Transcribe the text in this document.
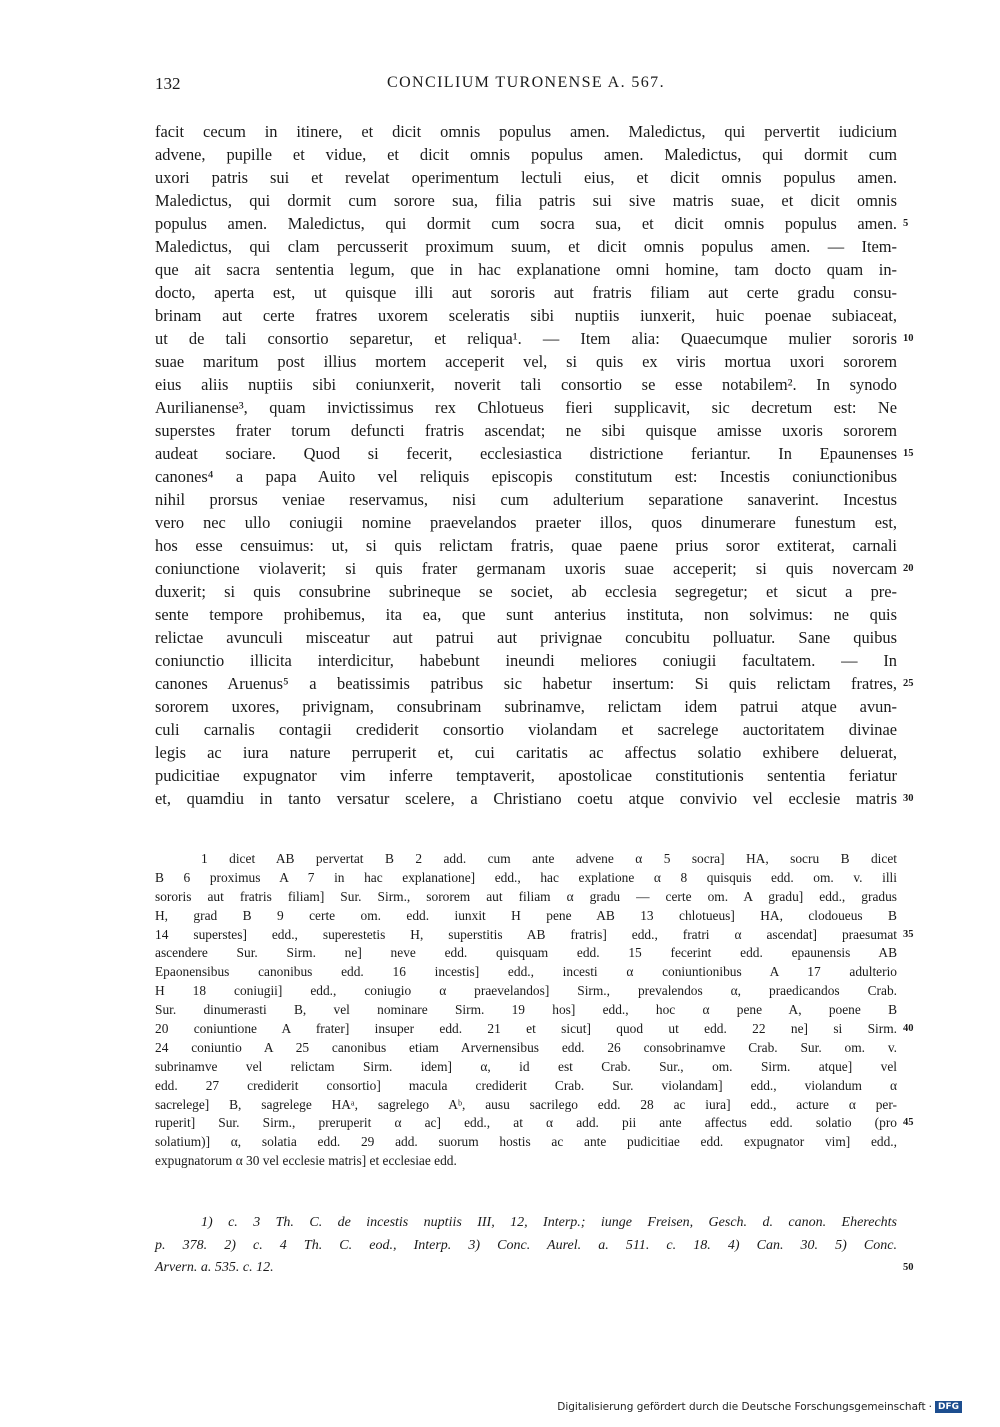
132	CONCILIUM TURONENSE A. 567.
facit cecum in itinere, et dicit omnis populus amen. Maledictus, qui pervertit iudicium
advene, pupille et vidue, et dicit omnis populus amen. Maledictus, qui dormit cum
uxori patris sui et revelat operimentum lectuli eius, et dicit omnis populus amen.
Maledictus, qui dormit cum sorore sua, filia patris sui sive matris suae, et dicit omnis
populus amen. Maledictus, qui dormit cum socra sua, et dicit omnis populus amen. 5
Maledictus, qui clam percusserit proximum suum, et dicit omnis populus amen. — Item-
que ait sacra sententia legum, que in hac explanatione omni homine, tam docto quam in-
docto, aperta est, ut quisque illi aut sororis aut fratris filiam aut certe gradu consu-
brinam aut certe fratres uxorem sceleratis sibi nuptiis iunxerit, huic poenae subiaceat,
ut de tali consortio separetur, et reliqua¹. — Item alia: Quaecumque mulier sororis 10
suae maritum post illius mortem acceperit vel, si quis ex viris mortua uxori sororem
eius aliis nuptiis sibi coniunxerit, noverit tali consortio se esse notabilem². In synodo
Aurilianense³, quam invictissimus rex Chlotueus fieri supplicavit, sic decretum est: Ne
superstes frater torum defuncti fratris ascendat; ne sibi quisque amisse uxoris sororem
audeat sociare. Quod si fecerit, ecclesiastica districtione feriantur. In Epaunenses 15
canones⁴ a papa Auito vel reliquis episcopis constitutum est: Incestis coniunctionibus
nihil prorsus veniae reservamus, nisi cum adulterium separatione sanaverint. Incestus
vero nec ullo coniugii nomine praevelandos praeter illos, quos dinumerare funestum est,
hos esse censuimus: ut, si quis relictam fratris, quae paene prius soror extiterat, carnali
coniunctione violaverit; si quis frater germanam uxoris suae acceperit; si quis novercam 20
duxerit; si quis consubrine subrineque se societ, ab ecclesia segregetur; et sicut a pre-
sente tempore prohibemus, ita ea, que sunt anterius instituta, non solvimus: ne quis
relictae avunculi misceatur aut patrui aut privignae concubitu polluatur. Sane quibus
coniunctio illicita interdicitur, habebunt ineundi meliores coniugii facultatem. — In
canones Aruenus⁵ a beatissimis patribus sic habetur insertum: Si quis relictam fratres, 25
sororem uxores, privignam, consubrinam subrinamve, relictam idem patrui atque avun-
culi carnalis contagii crediderit consortio violandam et sacrelege auctoritatem divinae
legis ac iura nature perruperit et, cui caritatis ac affectus solatio exhibere deluerat,
pudicitiae expugnator vim inferre temptaverit, apostolicae constitutionis sententia feriatur
et, quamdiu in tanto versatur scelere, a Christiano coetu atque convivio vel ecclesie matris 30
1 dicet AB pervertat B 2 add. cum ante advene α 5 socra] HA, socru B dicet
B 6 proximus A 7 in hac explanatione] edd., hac explatione α 8 quisquis edd. om. v. illi
sororis aut fratris filiam] Sur. Sirm., sororem aut filiam α gradu — certe om. A gradu] edd., gradus
H, grad B 9 certe om. edd. iunxit H pene AB 13 chlotueus] HA, clodoueus B
14 superstes] edd., superestetis H, superstitis AB fratris] edd., fratri α ascendat] praesumat 35
ascendere Sur. Sirm. ne] neve edd. quisquam edd. 15 fecerint edd. epaunensis AB
Epaonensibus canonibus edd. 16 incestis] edd., incesti α coniuntionibus A 17 adulterio
H 18 coniugii] edd., coniugio α praevelandos] Sirm., prevalendos α, praedicandos Crab.
Sur. dinumerasti B, vel nominare Sirm. 19 hos] edd., hoc α pene A, poene B
20 coniuntione A frater] insuper edd. 21 et sicut] quod ut edd. 22 ne] si Sirm. 40
24 coniuntio A 25 canonibus etiam Arvernensibus edd. 26 consobrinamve Crab. Sur. om. v.
subrinamve vel relictam Sirm. idem] α, id est Crab. Sur., om. Sirm. atque] vel
edd. 27 crediderit consortio] macula crediderit Crab. Sur. violandam] edd., violandum α
sacrelege] B, sagrelege HAᵃ, sagrelego Aᵇ, ausu sacrilego edd. 28 ac iura] edd., acture α per-
ruperit] Sur. Sirm., preruperit α ac] edd., at α add. pii ante affectus edd. solatio (pro 45
solatium)] α, solatia edd. 29 add. suorum hostis ac ante pudicitiae edd. expugnator vim] edd.,
expugnatorum α 30 vel ecclesie matris] et ecclesiae edd.
1) c. 3 Th. C. de incestis nuptiis III, 12, Interp.; iunge Freisen, Gesch. d. canon. Eherechts
p. 378. 2) c. 4 Th. C. eod., Interp. 3) Conc. Aurel. a. 511. c. 18. 4) Can. 30. 5) Conc.
Arvern. a. 535. c. 12.	50
Digitalisierung gefördert durch die Deutsche Forschungsgemeinschaft · DFG
